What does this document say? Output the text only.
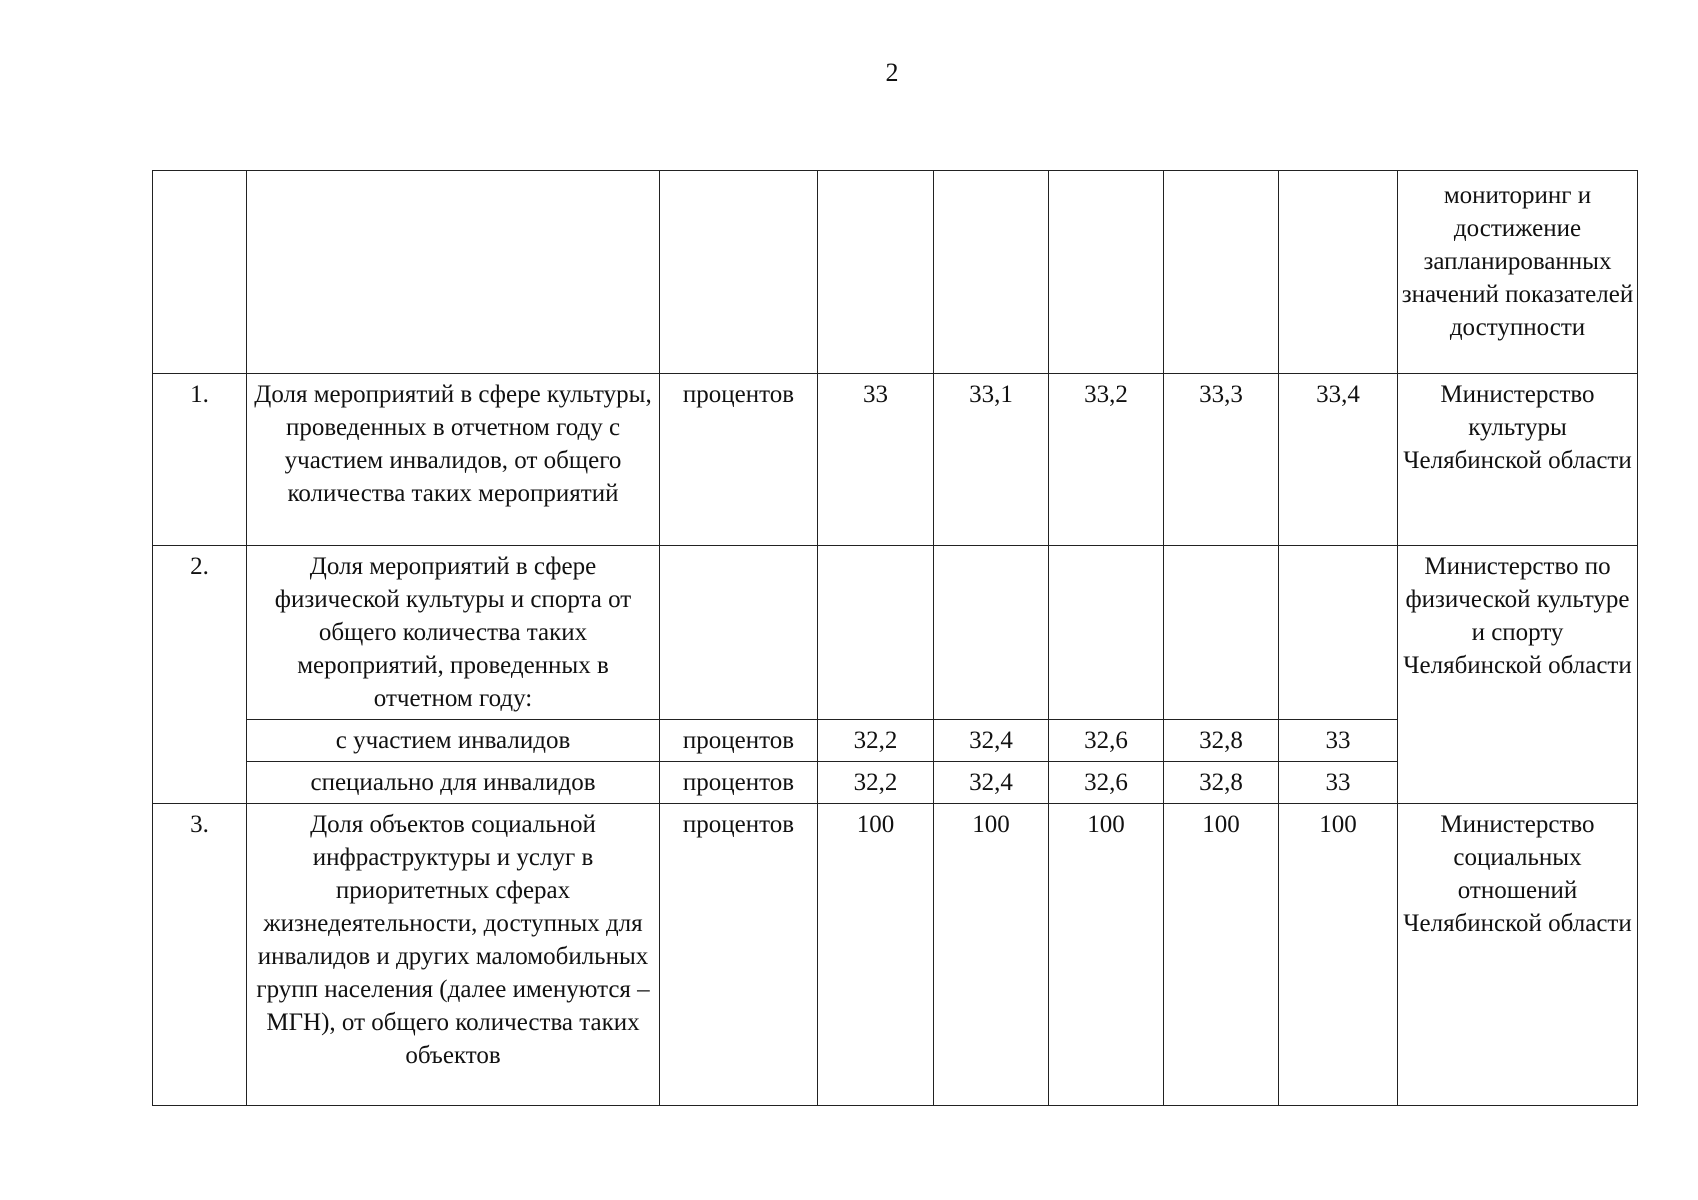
2
								мониторинг и достижение запланированных значений показателей доступности
1.	Доля мероприятий в сфере культуры, проведенных в отчетном году с участием инвалидов, от общего количества таких мероприятий	процентов	33	33,1	33,2	33,3	33,4	Министерство культуры Челябинской области
2.	Доля мероприятий в сфере физической культуры и спорта от общего количества таких мероприятий, проведенных в отчетном году:							Министерство по физической культуре и спорту Челябинской области
	с участием инвалидов	процентов	32,2	32,4	32,6	32,8	33	
	специально для инвалидов	процентов	32,2	32,4	32,6	32,8	33	
3.	Доля объектов социальной инфраструктуры и услуг в приоритетных сферах жизнедеятельности, доступных для инвалидов и других маломобильных групп населения (далее именуются – МГН), от общего количества таких объектов	процентов	100	100	100	100	100	Министерство социальных отношений Челябинской области
